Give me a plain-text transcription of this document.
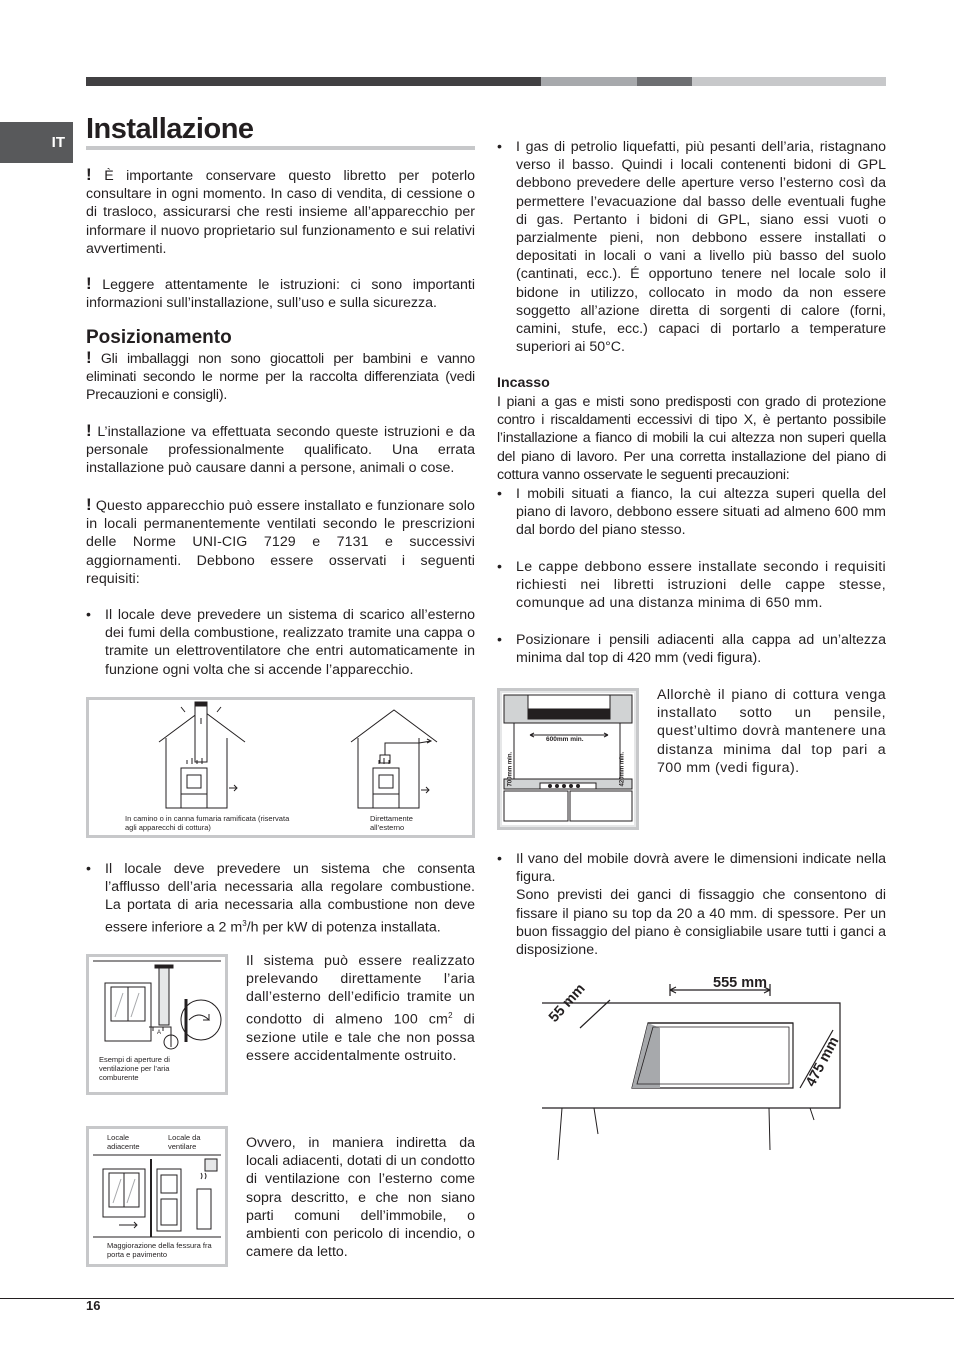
IT Installazione
! È importante conservare questo libretto per poterlo consultare in ogni momento. In caso di vendita, di cessione o di trasloco, assicurarsi che resti insieme all’apparecchio per informare il nuovo proprietario sul funzionamento e sui relativi avvertimenti.
! Leggere attentamente le istruzioni: ci sono importanti informazioni sull’installazione, sull’uso e sulla sicurezza.
Posizionamento
! Gli imballaggi non sono giocattoli per bambini e vanno eliminati secondo le norme per la raccolta differenziata (vedi Precauzioni e consigli).
! L’installazione va effettuata secondo queste istruzioni e da personale professionalmente qualificato. Una errata installazione può causare danni a persone, animali o cose.
! Questo apparecchio può essere installato e funzionare solo in locali permanentemente ventilati secondo le prescrizioni delle Norme UNI-CIG 7129 e 7131 e successivi aggiornamenti. Debbono essere osservati i seguenti requisiti:
• Il locale deve prevedere un sistema di scarico all’esterno dei fumi della combustione, realizzato tramite una cappa o tramite un elettroventilatore che entri automaticamente in funzione ogni volta che si accende l’apparecchio.
In camino o in canna fumaria ramificata (riservata agli apparecchi di cottura)
Direttamente all’esterno
• Il locale deve prevedere un sistema che consenta l’afflusso dell’aria necessaria alla regolare combustione. La portata di aria necessaria alla combustione non deve essere inferiore a 2 $m^3/h$ per kW di potenza installata.
A
Esempi di aperture di ventilazione per l’aria comburente
Il sistema può essere realizzato prelevando direttamente l’aria dall’esterno dell’edificio tramite un condotto di almeno 100 $cm^2$ di sezione utile e tale che non possa essere accidentalmente ostruito.
Locale adiacente
Locale da ventilare
Maggiorazione della fessura fra porta e pavimento
Ovvero, in maniera indiretta da locali adiacenti, dotati di un condotto di ventilazione con l’esterno come sopra descritto, e che non siano parti comuni dell’immobile, o ambienti con pericolo di incendio, o camere da letto.
• I gas di petrolio liquefatti, più pesanti dell’aria, ristagnano verso il basso. Quindi i locali contenenti bidoni di GPL debbono prevedere delle aperture verso l’esterno così da permettere l’evacuazione dal basso delle eventuali fughe di gas. Pertanto i bidoni di GPL, siano essi vuoti o parzialmente pieni, non debbono essere installati o depositati in locali o vani a livello più basso del suolo (cantinati, ecc.). É opportuno tenere nel locale solo il bidone in utilizzo, collocato in modo da non essere soggetto all’azione diretta di sorgenti di calore (forni, camini, stufe, ecc.) capaci di portarlo a temperature superiori ai 50°C.
Incasso
I piani a gas e misti sono predisposti con grado di protezione contro i riscaldamenti eccessivi di tipo X, è pertanto possibile l’installazione a fianco di mobili la cui altezza non superi quella del piano di lavoro. Per una corretta installazione del piano di cottura vanno osservate le seguenti precauzioni:
• I mobili situati a fianco, la cui altezza superi quella del piano di lavoro, debbono essere situati ad almeno 600 mm dal bordo del piano stesso.
• Le cappe debbono essere installate secondo i requisiti richiesti nei libretti istruzioni delle cappe stesse, comunque ad una distanza minima di 650 mm.
• Posizionare i pensili adiacenti alla cappa ad un’altezza minima dal top di 420 mm (vedi figura).
600mm min.
700mm min.	420mm min.
Allorchè il piano di cottura venga installato sotto un pensile, quest’ultimo dovrà mantenere una distanza minima dal top pari a 700 mm (vedi figura).
• Il vano del mobile dovrà avere le dimensioni indicate nella figura.
Sono previsti dei ganci di fissaggio che consentono di fissare il piano su top da 20 a 40 mm. di spessore. Per un buon fissaggio del piano è consigliabile usare tutti i ganci a disposizione.
555 mm
55 mm
475 mm
16
